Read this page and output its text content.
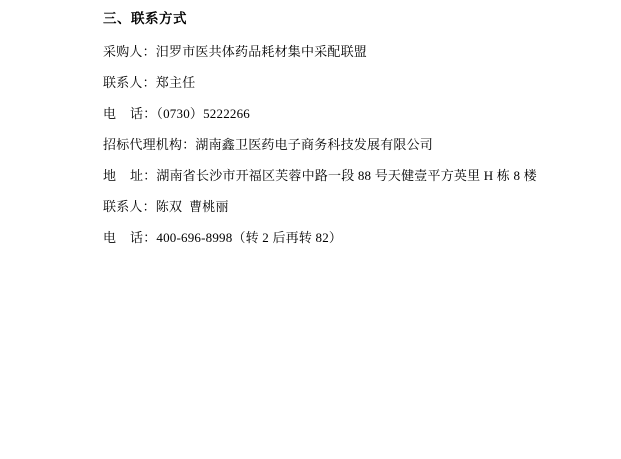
三、联系方式
采购人：汨罗市医共体药品耗材集中采配联盟
联系人：郑主任
电    话：（0730）5222266
招标代理机构：湖南鑫卫医药电子商务科技发展有限公司
地    址：湖南省长沙市开福区芙蓉中路一段 88 号天健壹平方英里 H 栋 8 楼
联系人：陈双  曹桃丽
电    话：400-696-8998（转 2 后再转 82）
